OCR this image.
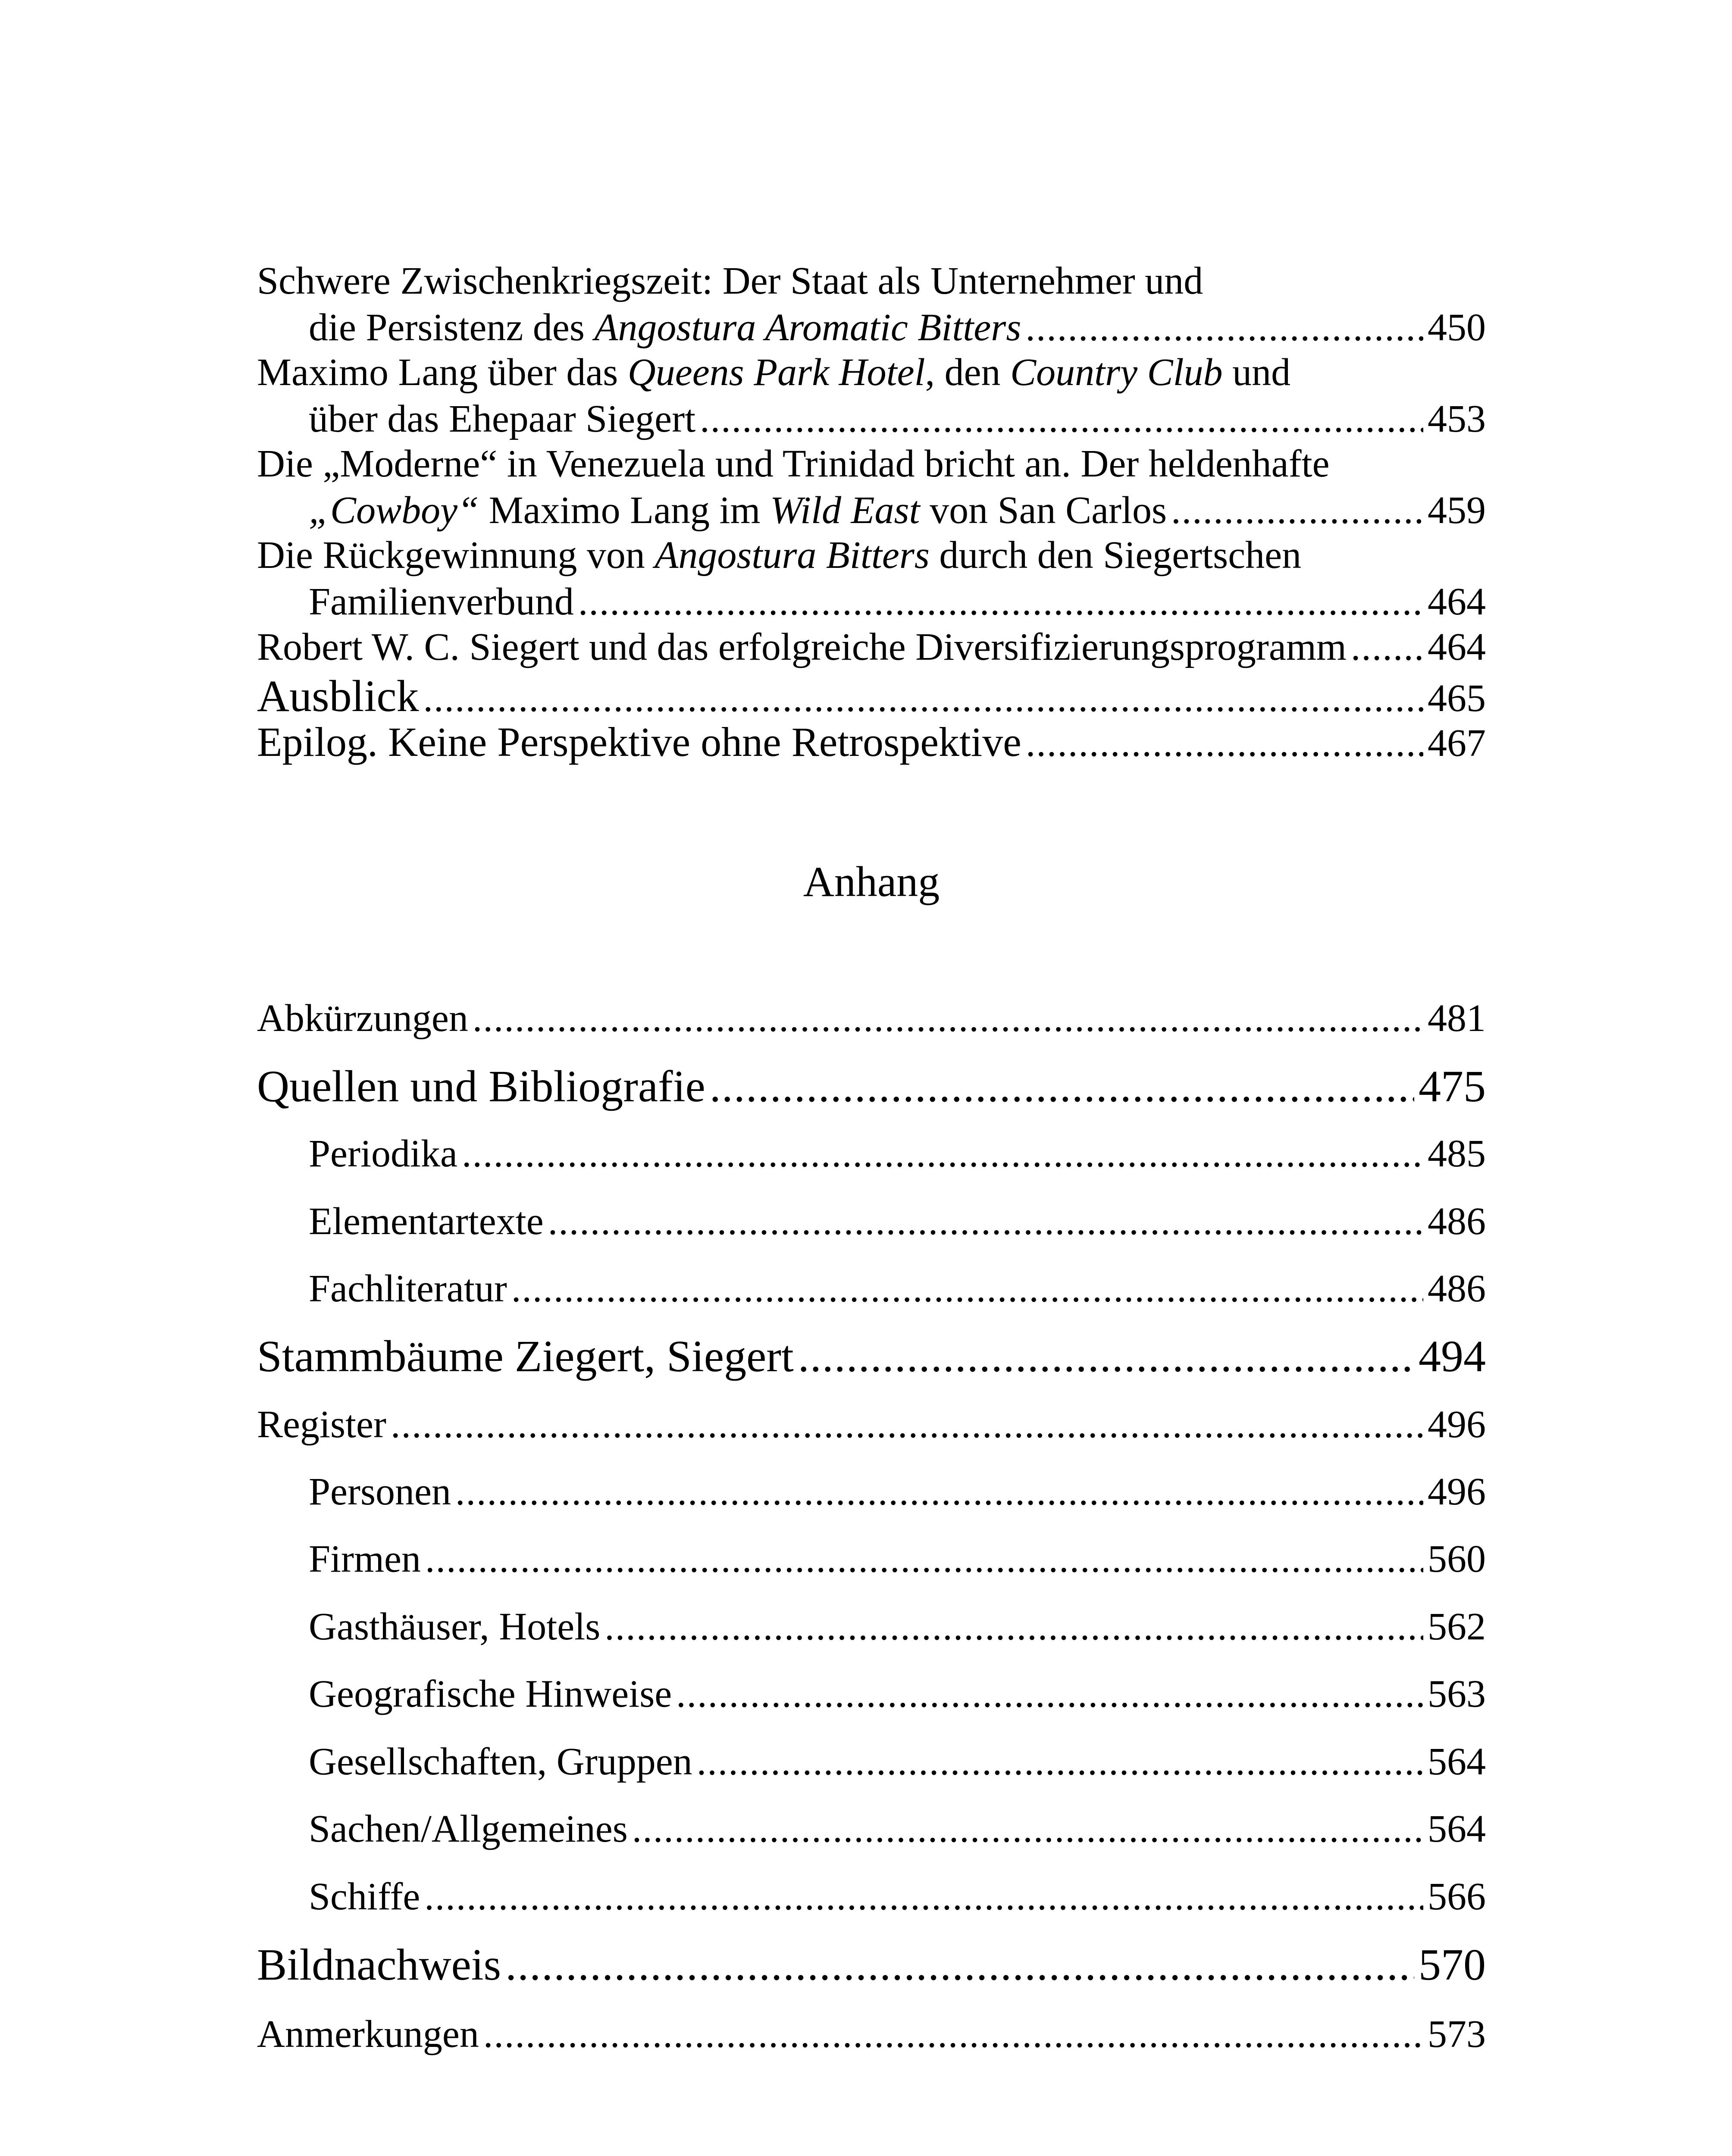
Schwere Zwischenkriegszeit: Der Staat als Unternehmer und
die Persistenz des Angostura Aromatic Bitters .....	450
Maximo Lang über das Queens Park Hotel, den Country Club und
über das Ehepaar Siegert .....	453
Die „Moderne“ in Venezuela und Trinidad bricht an. Der heldenhafte
„Cowboy“ Maximo Lang im Wild East von San Carlos .....	459
Die Rückgewinnung von Angostura Bitters durch den Siegertschen
Familienverbund .....	464
Robert W. C. Siegert und das erfolgreiche Diversifizierungsprogramm ..... 464
Ausblick .....	465
Epilog. Keine Perspektive ohne Retrospektive .....	467
Anhang
Abkürzungen .....	481
Quellen und Bibliografie .....	475
Periodika .....	485
Elementartexte .....	486
Fachliteratur .....	486
Stammbäume Ziegert, Siegert .....	494
Register .....	496
Personen .....	496
Firmen .....	560
Gasthäuser, Hotels .....	562
Geografische Hinweise .....	563
Gesellschaften, Gruppen .....	564
Sachen/Allgemeines .....	564
Schiffe .....	566
Bildnachweis .....	570
Anmerkungen .....	573
